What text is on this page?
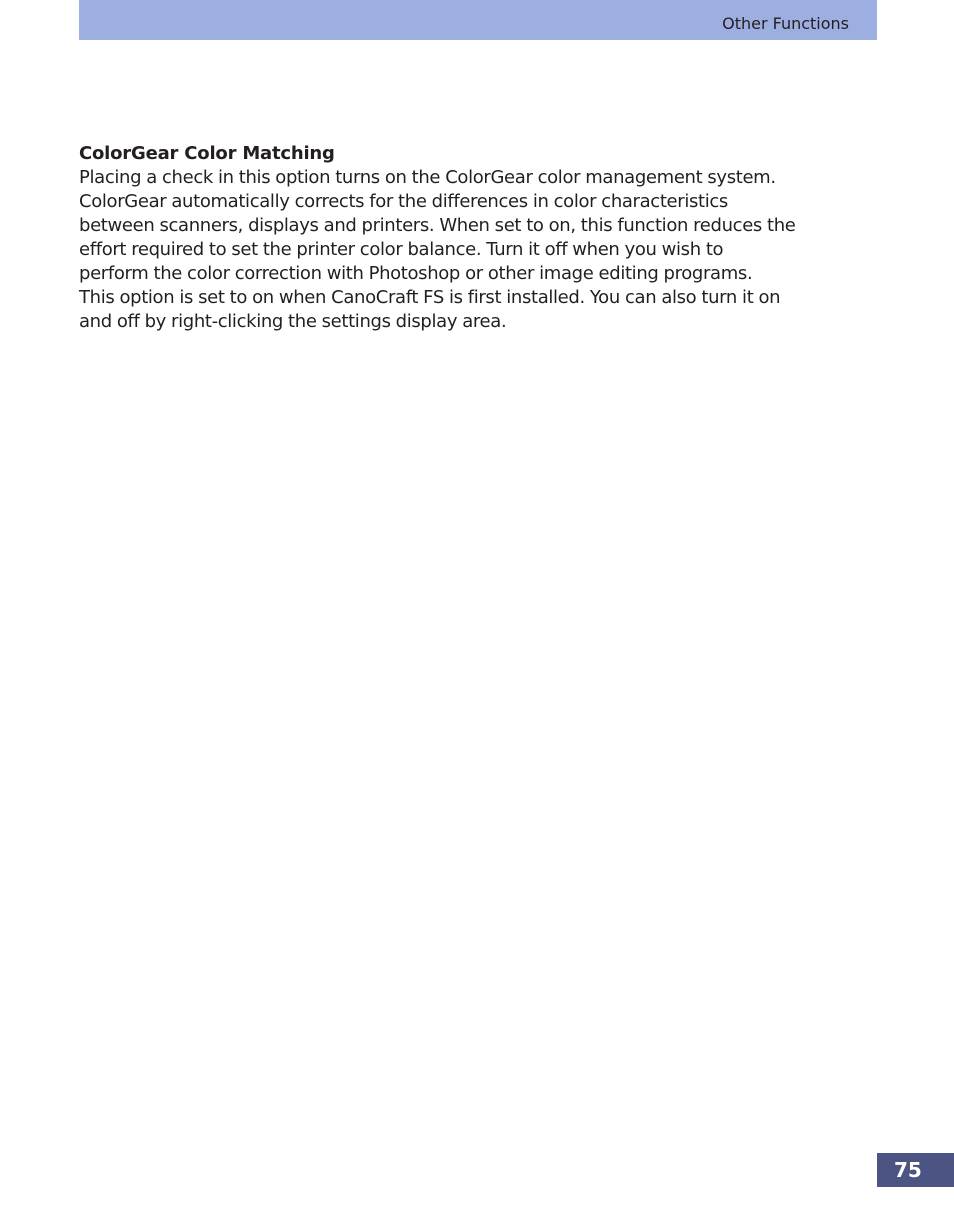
Other Functions
ColorGear Color Matching

Placing a check in this option turns on the ColorGear color management system.
ColorGear automatically corrects for the differences in color characteristics
between scanners, displays and printers. When set to on, this function reduces the
effort required to set the printer color balance. Turn it off when you wish to
perform the color correction with Photoshop or other image editing programs.
This option is set to on when CanoCraft FS is first installed. You can also turn it on
and off by right-clicking the settings display area.

75
